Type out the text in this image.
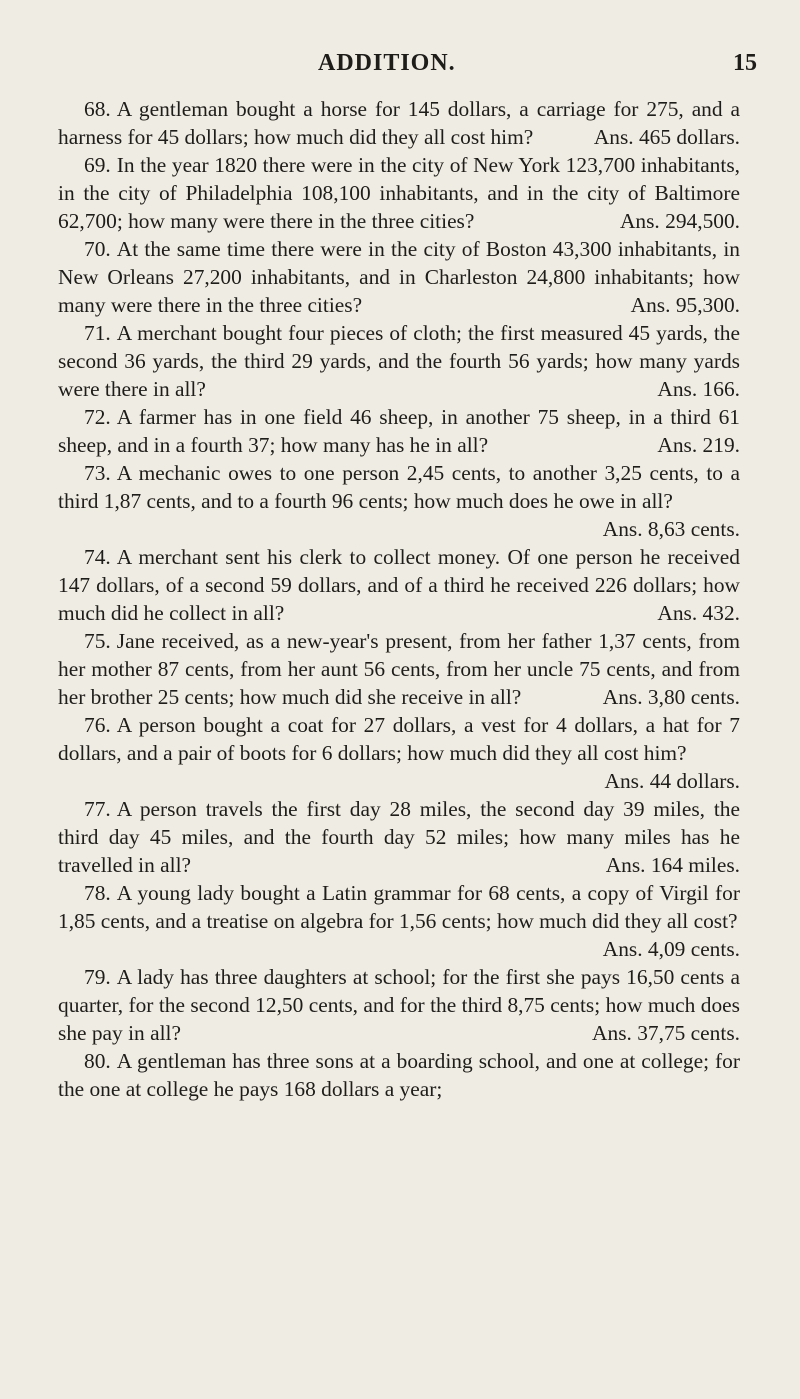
ADDITION.	15

68. A gentleman bought a horse for 145 dollars, a carriage for 275, and a harness for 45 dollars; how much did they all cost him?	Ans. 465 dollars.

69. In the year 1820 there were in the city of New York 123,700 inhabitants, in the city of Philadelphia 108,100 inhabitants, and in the city of Baltimore 62,700; how many were there in the three cities?	Ans. 294,500.

70. At the same time there were in the city of Boston 43,300 inhabitants, in New Orleans 27,200 inhabitants, and in Charleston 24,800 inhabitants; how many were there in the three cities?	Ans. 95,300.

71. A merchant bought four pieces of cloth; the first measured 45 yards, the second 36 yards, the third 29 yards, and the fourth 56 yards; how many yards were there in all?	Ans. 166.

72. A farmer has in one field 46 sheep, in another 75 sheep, in a third 61 sheep, and in a fourth 37; how many has he in all?	Ans. 219.

73. A mechanic owes to one person 2,45 cents, to another 3,25 cents, to a third 1,87 cents, and to a fourth 96 cents; how much does he owe in all?
Ans. 8,63 cents.

74. A merchant sent his clerk to collect money. Of one person he received 147 dollars, of a second 59 dollars, and of a third he received 226 dollars; how much did he collect in all?	Ans. 432.

75. Jane received, as a new-year's present, from her father 1,37 cents, from her mother 87 cents, from her aunt 56 cents, from her uncle 75 cents, and from her brother 25 cents; how much did she receive in all?	Ans. 3,80 cents.

76. A person bought a coat for 27 dollars, a vest for 4 dollars, a hat for 7 dollars, and a pair of boots for 6 dollars; how much did they all cost him?
Ans. 44 dollars.

77. A person travels the first day 28 miles, the second day 39 miles, the third day 45 miles, and the fourth day 52 miles; how many miles has he travelled in all?	Ans. 164 miles.

78. A young lady bought a Latin grammar for 68 cents, a copy of Virgil for 1,85 cents, and a treatise on algebra for 1,56 cents; how much did they all cost?
Ans. 4,09 cents.

79. A lady has three daughters at school; for the first she pays 16,50 cents a quarter, for the second 12,50 cents, and for the third 8,75 cents; how much does she pay in all?	Ans. 37,75 cents.

80. A gentleman has three sons at a boarding school, and one at college; for the one at college he pays 168 dollars a year;
